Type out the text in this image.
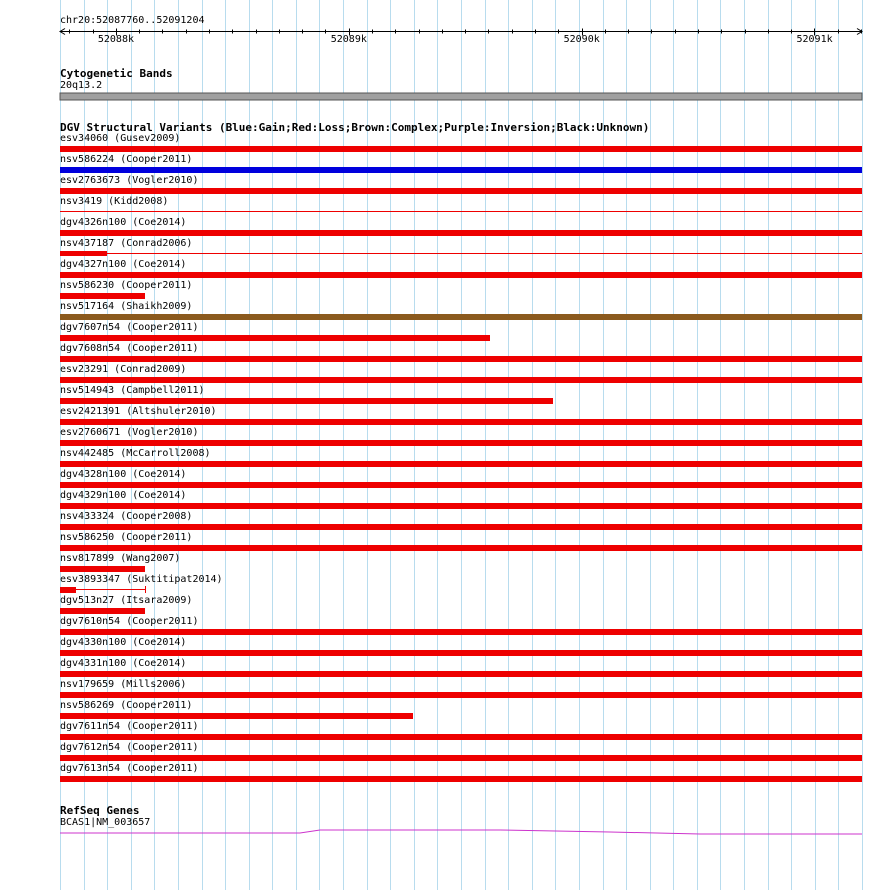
chr20:52087760..52091204
52088k	52089k	52090k	52091k
Cytogenetic Bands
20q13.2
DGV Structural Variants (Blue:Gain;Red:Loss;Brown:Complex;Purple:Inversion;Black:Unknown)
esv34060 (Gusev2009)
nsv586224 (Cooper2011)
esv2763673 (Vogler2010)
nsv3419 (Kidd2008)
dgv4326n100 (Coe2014)
nsv437187 (Conrad2006)
dgv4327n100 (Coe2014)
nsv586230 (Cooper2011)
nsv517164 (Shaikh2009)
dgv7607n54 (Cooper2011)
dgv7608n54 (Cooper2011)
esv23291 (Conrad2009)
nsv514943 (Campbell2011)
esv2421391 (Altshuler2010)
esv2760671 (Vogler2010)
nsv442485 (McCarroll2008)
dgv4328n100 (Coe2014)
dgv4329n100 (Coe2014)
nsv433324 (Cooper2008)
nsv586250 (Cooper2011)
nsv817899 (Wang2007)
esv3893347 (Suktitipat2014)
dgv513n27 (Itsara2009)
dgv7610n54 (Cooper2011)
dgv4330n100 (Coe2014)
dgv4331n100 (Coe2014)
nsv179659 (Mills2006)
nsv586269 (Cooper2011)
dgv7611n54 (Cooper2011)
dgv7612n54 (Cooper2011)
dgv7613n54 (Cooper2011)
RefSeq Genes
BCAS1|NM_003657
